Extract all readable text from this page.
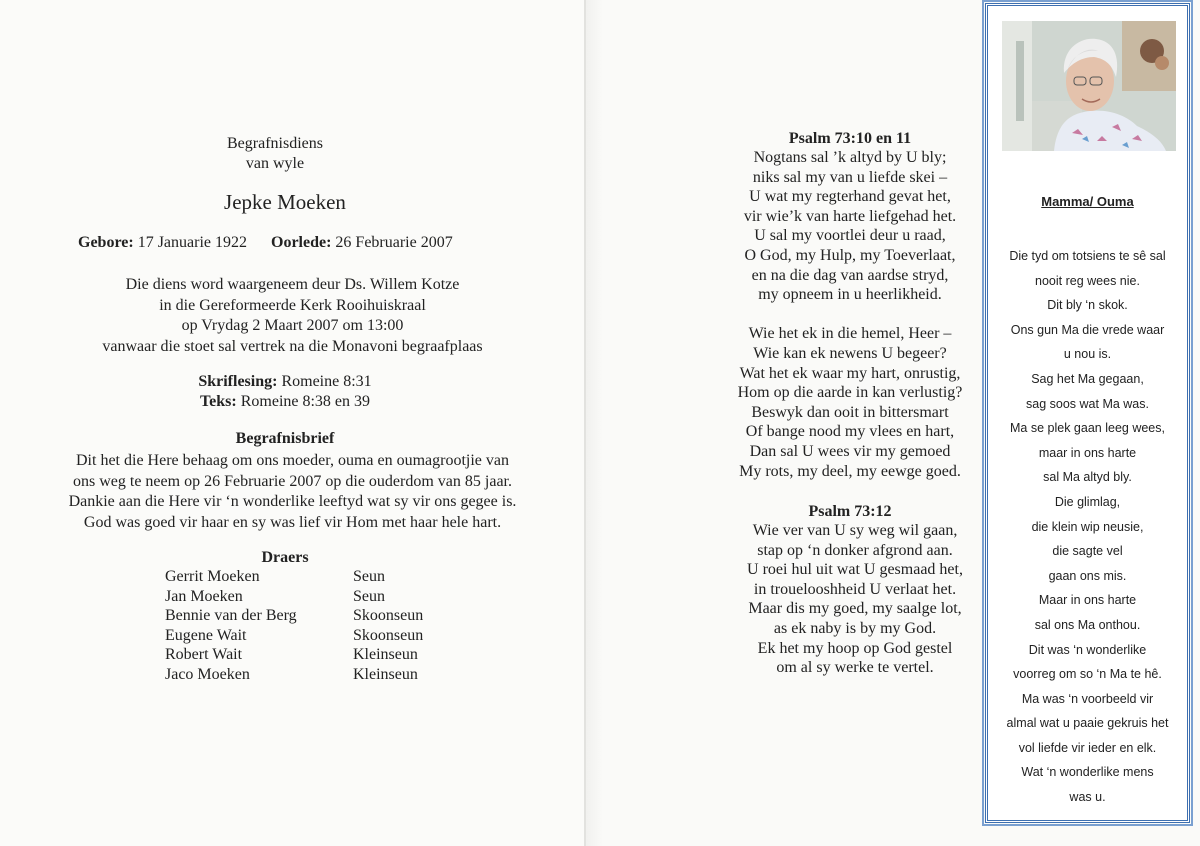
Begrafnisdiens
van wyle
Jepke Moeken
Gebore: 17 Januarie 1922 Oorlede: 26 Februarie 2007
Die diens word waargeneem deur Ds. Willem Kotze
in die Gereformeerde Kerk Rooihuiskraal
op Vrydag 2 Maart 2007 om 13:00
vanwaar die stoet sal vertrek na die Monavoni begraafplaas
Skriflesing: Romeine 8:31
Teks: Romeine 8:38 en 39
Begrafnisbrief
Dit het die Here behaag om ons moeder, ouma en oumagrootjie van
ons weg te neem op 26 Februarie 2007 op die ouderdom van 85 jaar.
Dankie aan die Here vir ‘n wonderlike leeftyd wat sy vir ons gegee is.
God was goed vir haar en sy was lief vir Hom met haar hele hart.
Draers
Gerrit Moeken	Seun
Jan Moeken	Seun
Bennie van der Berg	Skoonseun
Eugene Wait	Skoonseun
Robert Wait	Kleinseun
Jaco Moeken	Kleinseun
Psalm 73:10 en 11
Nogtans sal ’k altyd by U bly;
niks sal my van u liefde skei –
U wat my regterhand gevat het,
vir wie’k van harte liefgehad het.
U sal my voortlei deur u raad,
O God, my Hulp, my Toeverlaat,
en na die dag van aardse stryd,
my opneem in u heerlikheid.
Wie het ek in die hemel, Heer –
Wie kan ek newens U begeer?
Wat het ek waar my hart, onrustig,
Hom op die aarde in kan verlustig?
Beswyk dan ooit in bittersmart
Of bange nood my vlees en hart,
Dan sal U wees vir my gemoed
My rots, my deel, my eewge goed.
Psalm 73:12
Wie ver van U sy weg wil gaan,
stap op ‘n donker afgrond aan.
U roei hul uit wat U gesmaad het,
in trouelooshheid U verlaat het.
Maar dis my goed, my saalge lot,
as ek naby is by my God.
Ek het my hoop op God gestel
om al sy werke te vertel.
Mamma/ Ouma
Die tyd om totsiens te sê sal
nooit reg wees nie.
Dit bly ‘n skok.
Ons gun Ma die vrede waar
u nou is.
Sag het Ma gegaan,
sag soos wat Ma was.
Ma se plek gaan leeg wees,
maar in ons harte
sal Ma altyd bly.
Die glimlag,
die klein wip neusie,
die sagte vel
gaan ons mis.
Maar in ons harte
sal ons Ma onthou.
Dit was ‘n wonderlike
voorreg om so ‘n Ma te hê.
Ma was ‘n voorbeeld vir
almal wat u paaie gekruis het
vol liefde vir ieder en elk.
Wat ‘n wonderlike mens
was u.
